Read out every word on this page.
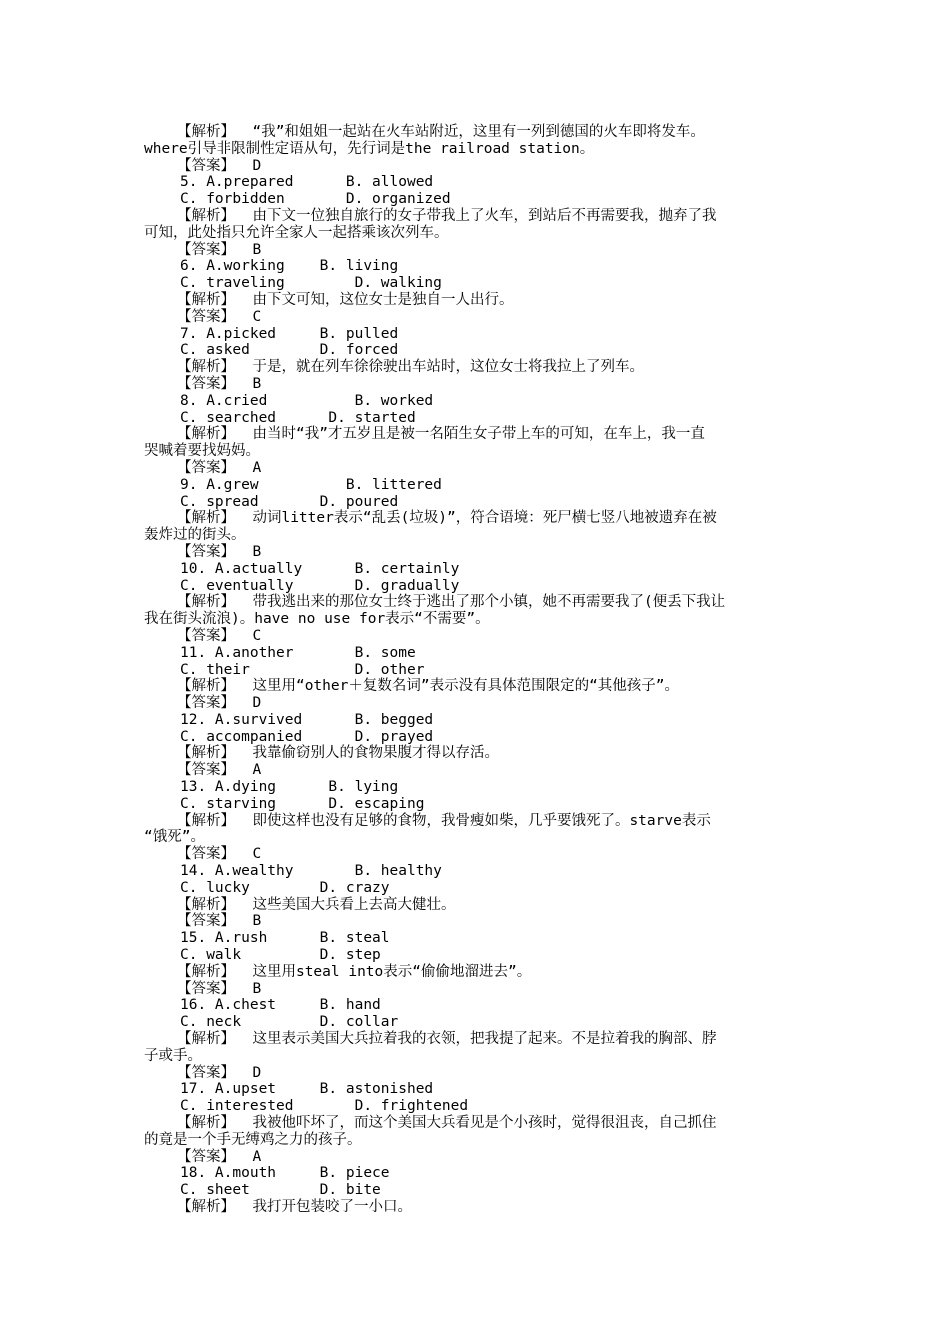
【解析】  “我”和姐姐一起站在火车站附近，这里有一列到德国的火车即将发车。
where引导非限制性定语从句，先行词是the railroad station。
【答案】  D
5. A.prepared      B. allowed
C. forbidden       D. organized
【解析】  由下文一位独自旅行的女子带我上了火车，到站后不再需要我，抛弃了我
可知，此处指只允许全家人一起搭乘该次列车。
【答案】  B
6. A.working    B. living
C. traveling        D. walking
【解析】  由下文可知，这位女士是独自一人出行。
【答案】  C
7. A.picked     B. pulled
C. asked        D. forced
【解析】  于是，就在列车徐徐驶出车站时，这位女士将我拉上了列车。
【答案】  B
8. A.cried          B. worked
C. searched      D. started
【解析】  由当时“我”才五岁且是被一名陌生女子带上车的可知，在车上，我一直
哭喊着要找妈妈。
【答案】  A
9. A.grew          B. littered
C. spread       D. poured
【解析】  动词litter表示“乱丢(垃圾)”，符合语境：死尸横七竖八地被遗弃在被
轰炸过的街头。
【答案】  B
10. A.actually      B. certainly
C. eventually       D. gradually
【解析】  带我逃出来的那位女士终于逃出了那个小镇，她不再需要我了(便丢下我让
我在街头流浪)。have no use for表示“不需要”。
【答案】  C
11. A.another       B. some
C. their            D. other
【解析】  这里用“other＋复数名词”表示没有具体范围限定的“其他孩子”。
【答案】  D
12. A.survived      B. begged
C. accompanied      D. prayed
【解析】  我靠偷窃别人的食物果腹才得以存活。
【答案】  A
13. A.dying      B. lying
C. starving      D. escaping
【解析】  即使这样也没有足够的食物，我骨瘦如柴，几乎要饿死了。starve表示
“饿死”。
【答案】  C
14. A.wealthy       B. healthy
C. lucky        D. crazy
【解析】  这些美国大兵看上去高大健壮。
【答案】  B
15. A.rush      B. steal
C. walk         D. step
【解析】  这里用steal into表示“偷偷地溜进去”。
【答案】  B
16. A.chest     B. hand
C. neck         D. collar
【解析】  这里表示美国大兵拉着我的衣领，把我提了起来。不是拉着我的胸部、脖
子或手。
【答案】  D
17. A.upset     B. astonished
C. interested       D. frightened
【解析】  我被他吓坏了，而这个美国大兵看见是个小孩时，觉得很沮丧，自己抓住
的竟是一个手无缚鸡之力的孩子。
【答案】  A
18. A.mouth     B. piece
C. sheet        D. bite
【解析】  我打开包装咬了一小口。
